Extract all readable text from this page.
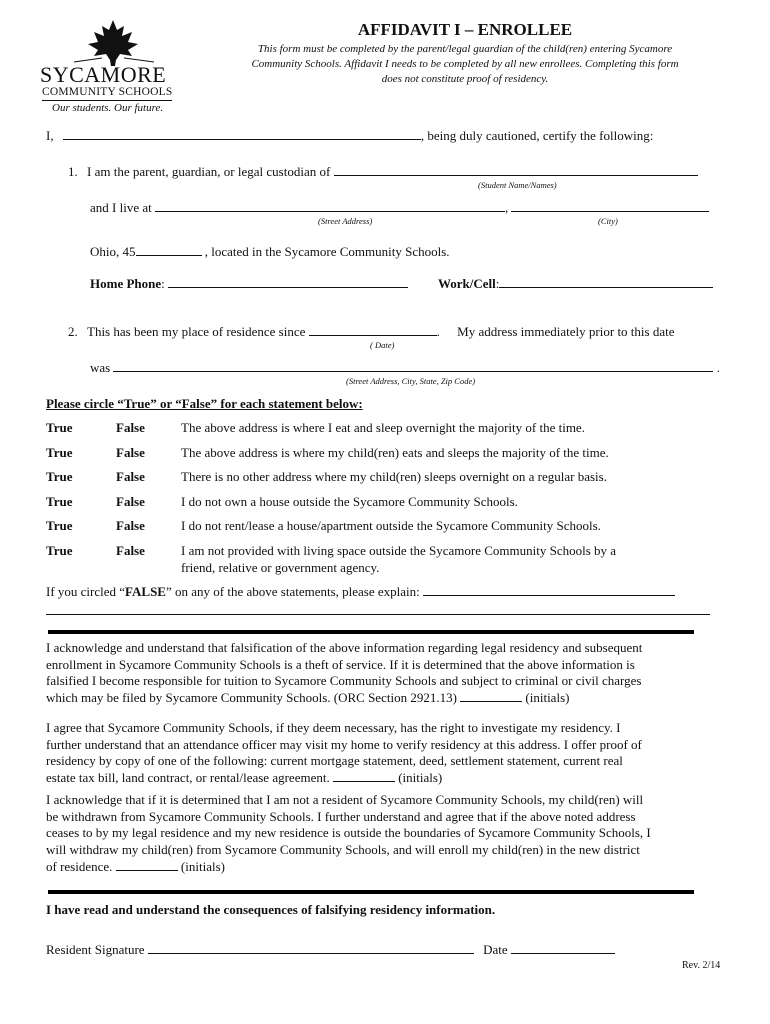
SYCAMORE
COMMUNITY SCHOOLS
Our students. Our future.
AFFIDAVIT I – ENROLLEE
This form must be completed by the parent/legal guardian of the child(ren) entering Sycamore
Community Schools. Affidavit I needs to be completed by all new enrollees. Completing this form
does not constitute proof of residency.
I,	, being duly cautioned, certify the following:
1. I am the parent, guardian, or legal custodian of
(Student Name/Names)
and I live at	,
(Street Address)	(City)
Ohio, 45	, located in the Sycamore Community Schools.
Home Phone:	Work/Cell:
2. This has been my place of residence since	. My address immediately prior to this date
( Date)
was	.
(Street Address, City, State, Zip Code)
Please circle “True” or “False” for each statement below:
True	False	The above address is where I eat and sleep overnight the majority of the time.
True	False	The above address is where my child(ren) eats and sleeps the majority of the time.
True	False	There is no other address where my child(ren) sleeps overnight on a regular basis.
True	False	I do not own a house outside the Sycamore Community Schools.
True	False	I do not rent/lease a house/apartment outside the Sycamore Community Schools.
True	False	I am not provided with living space outside the Sycamore Community Schools by a
friend, relative or government agency.
If you circled “FALSE” on any of the above statements, please explain:
I acknowledge and understand that falsification of the above information regarding legal residency and subsequent
enrollment in Sycamore Community Schools is a theft of service. If it is determined that the above information is
falsified I become responsible for tuition to Sycamore Community Schools and subject to criminal or civil charges
which may be filed by Sycamore Community Schools. (ORC Section 2921.13)	(initials)
I agree that Sycamore Community Schools, if they deem necessary, has the right to investigate my residency. I
further understand that an attendance officer may visit my home to verify residency at this address. I offer proof of
residency by copy of one of the following: current mortgage statement, deed, settlement statement, current real
estate tax bill, land contract, or rental/lease agreement.	(initials)
I acknowledge that if it is determined that I am not a resident of Sycamore Community Schools, my child(ren) will
be withdrawn from Sycamore Community Schools. I further understand and agree that if the above noted address
ceases to by my legal residence and my new residence is outside the boundaries of Sycamore Community Schools, I
will withdraw my child(ren) from Sycamore Community Schools, and will enroll my child(ren) in the new district
of residence.	(initials)
I have read and understand the consequences of falsifying residency information.
Resident Signature	Date
Rev. 2/14
